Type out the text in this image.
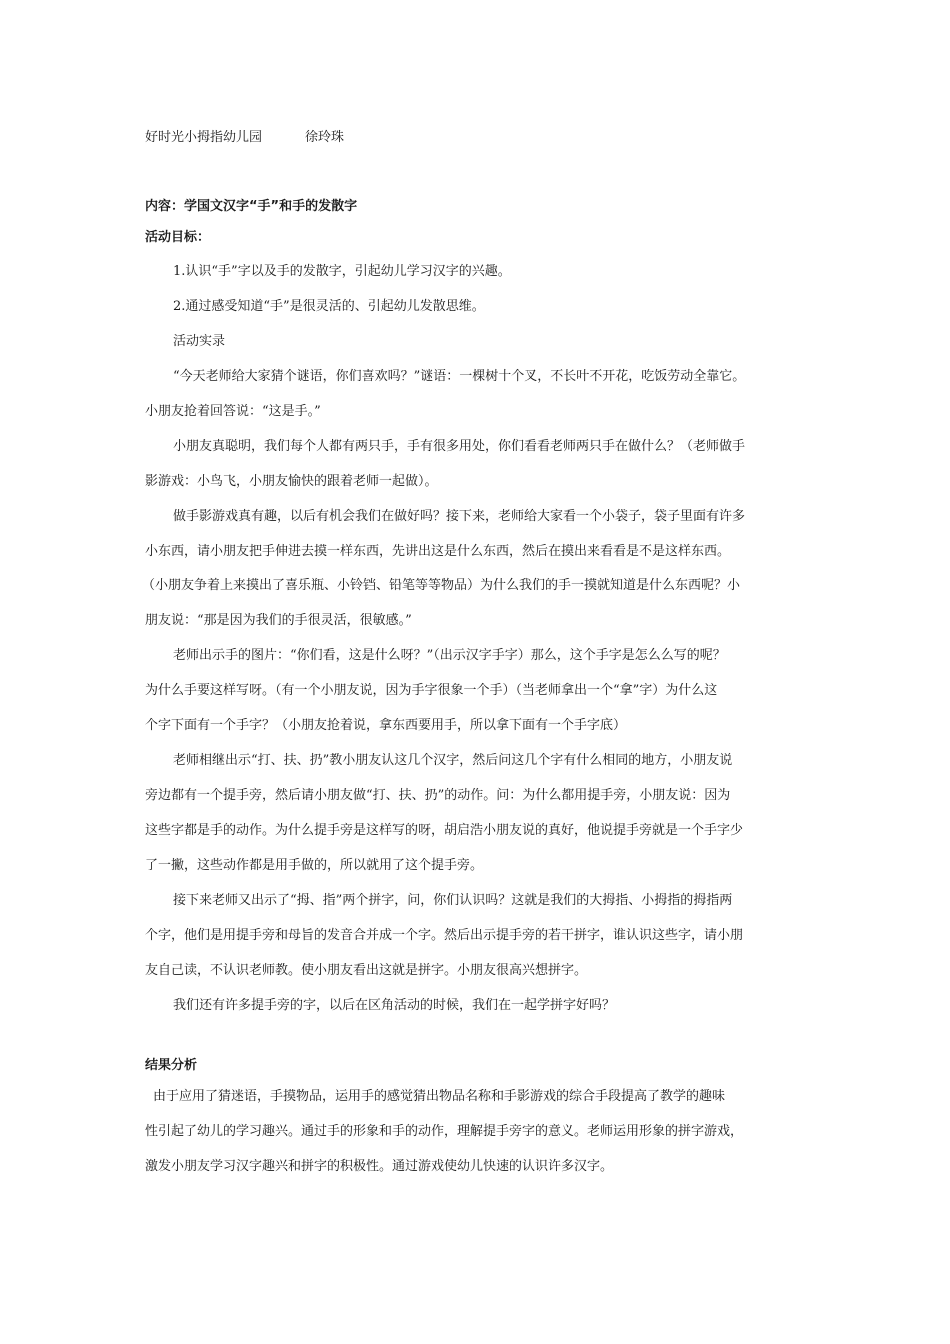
好时光小拇指幼儿园	徐玲珠
内容：学国文汉字“手”和手的发散字
活动目标：
1.认识“手”字以及手的发散字，引起幼儿学习汉字的兴趣。
2.通过感受知道“手”是很灵活的、引起幼儿发散思维。
活动实录
“今天老师给大家猜个谜语，你们喜欢吗？”谜语：一棵树十个叉，不长叶不开花，吃饭劳动全靠它。
小朋友抢着回答说：“这是手。”
小朋友真聪明，我们每个人都有两只手，手有很多用处，你们看看老师两只手在做什么？（老师做手
影游戏：小鸟飞，小朋友愉快的跟着老师一起做）。
做手影游戏真有趣，以后有机会我们在做好吗？接下来，老师给大家看一个小袋子，袋子里面有许多
小东西，请小朋友把手伸进去摸一样东西，先讲出这是什么东西，然后在摸出来看看是不是这样东西。
（小朋友争着上来摸出了喜乐瓶、小铃铛、铅笔等等物品）为什么我们的手一摸就知道是什么东西呢？小
朋友说：“那是因为我们的手很灵活，很敏感。”
老师出示手的图片：“你们看，这是什么呀？”（出示汉字手字）那么，这个手字是怎么么写的呢？
为什么手要这样写呀。（有一个小朋友说，因为手字很象一个手）（当老师拿出一个“拿”字）为什么这
个字下面有一个手字？（小朋友抢着说，拿东西要用手，所以拿下面有一个手字底）
老师相继出示“打、扶、扔”教小朋友认这几个汉字，然后问这几个字有什么相同的地方，小朋友说
旁边都有一个提手旁，然后请小朋友做“打、扶、扔”的动作。问：为什么都用提手旁，小朋友说：因为
这些字都是手的动作。为什么提手旁是这样写的呀，胡启浩小朋友说的真好，他说提手旁就是一个手字少
了一撇，这些动作都是用手做的，所以就用了这个提手旁。
接下来老师又出示了“拇、指”两个拼字，问，你们认识吗？这就是我们的大拇指、小拇指的拇指两
个字，他们是用提手旁和母旨的发音合并成一个字。然后出示提手旁的若干拼字，谁认识这些字，请小朋
友自己读，不认识老师教。使小朋友看出这就是拼字。小朋友很高兴想拼字。
我们还有许多提手旁的字，以后在区角活动的时候，我们在一起学拼字好吗？
结果分析
由于应用了猜迷语，手摸物品，运用手的感觉猜出物品名称和手影游戏的综合手段提高了教学的趣味
性引起了幼儿的学习趣兴。通过手的形象和手的动作，理解提手旁字的意义。老师运用形象的拼字游戏，
激发小朋友学习汉字趣兴和拼字的积极性。通过游戏使幼儿快速的认识许多汉字。
